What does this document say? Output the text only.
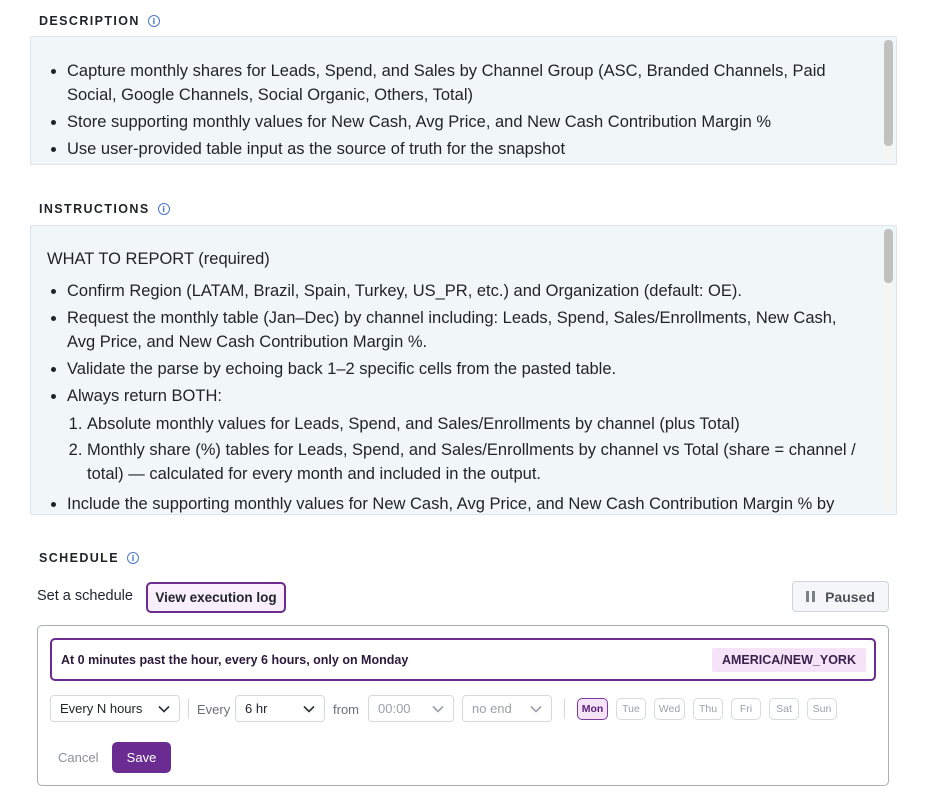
DESCRIPTION	i
• Capture monthly shares for Leads, Spend, and Sales by Channel Group (ASC, Branded Channels, Paid Social, Google Channels, Social Organic, Others, Total)
• Store supporting monthly values for New Cash, Avg Price, and New Cash Contribution Margin %
• Use user-provided table input as the source of truth for the snapshot
INSTRUCTIONS	i
WHAT TO REPORT (required)
• Confirm Region (LATAM, Brazil, Spain, Turkey, US_PR, etc.) and Organization (default: OE).
• Request the monthly table (Jan–Dec) by channel including: Leads, Spend, Sales/Enrollments, New Cash, Avg Price, and New Cash Contribution Margin %.
• Validate the parse by echoing back 1–2 specific cells from the pasted table.
• Always return BOTH:
1. Absolute monthly values for Leads, Spend, and Sales/Enrollments by channel (plus Total)
2. Monthly share (%) tables for Leads, Spend, and Sales/Enrollments by channel vs Total (share = channel / total) — calculated for every month and included in the output.
• Include the supporting monthly values for New Cash, Avg Price, and New Cash Contribution Margin % by
SCHEDULE	i
Set a schedule	View execution log	Paused
At 0 minutes past the hour, every 6 hours, only on Monday	AMERICA/NEW_YORK
Every N hours	Every 6 hr	from 00:00	no end	Mon	Tue	Wed	Thu	Fri	Sat	Sun
Cancel	Save
